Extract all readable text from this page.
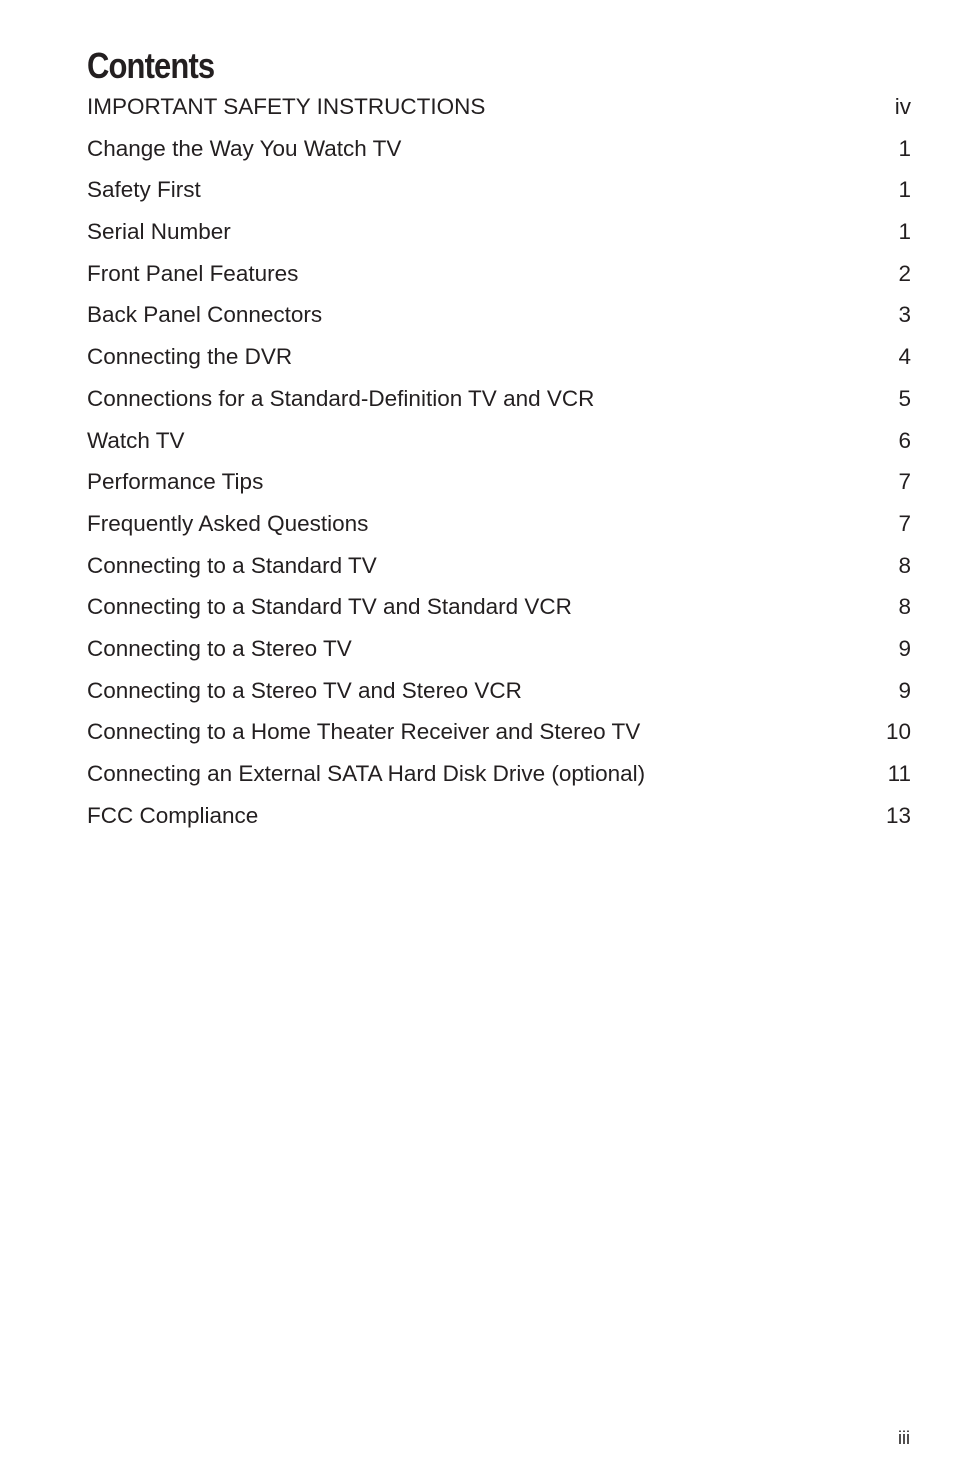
Contents
IMPORTANT SAFETY INSTRUCTIONS	iv
Change the Way You Watch TV	1
Safety First	1
Serial Number	1
Front Panel Features	2
Back Panel Connectors	3
Connecting the DVR	4
Connections for a Standard-Definition TV and VCR	5
Watch TV	6
Performance Tips	7
Frequently Asked Questions	7
Connecting to a Standard TV	8
Connecting to a Standard TV and Standard VCR	8
Connecting to a Stereo TV	9
Connecting to a Stereo TV and Stereo VCR	9
Connecting to a Home Theater Receiver and Stereo TV	10
Connecting an External SATA Hard Disk Drive (optional)	11
FCC Compliance	13
iii
